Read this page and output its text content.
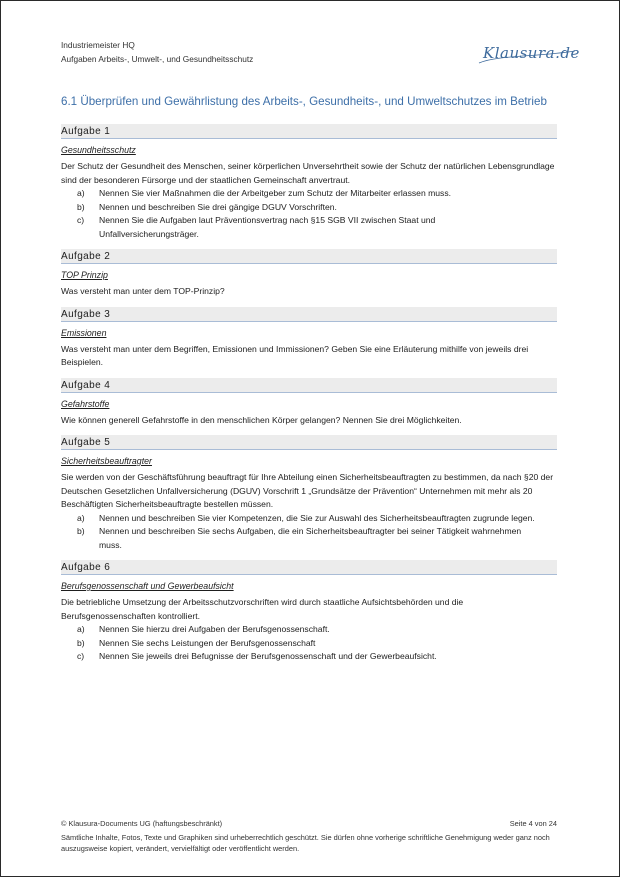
Industriemeister HQ
Aufgaben Arbeits-, Umwelt-, und Gesundheitsschutz	Klausura.de
6.1 Überprüfen und Gewährlistung des Arbeits-, Gesundheits-, und Umweltschutzes im Betrieb
Aufgabe 1
Gesundheitsschutz
Der Schutz der Gesundheit des Menschen, seiner körperlichen Unversehrtheit sowie der Schutz der natürlichen Lebensgrundlage sind der besonderen Fürsorge und der staatlichen Gemeinschaft anvertraut.
a)	Nennen Sie vier Maßnahmen die der Arbeitgeber zum Schutz der Mitarbeiter erlassen muss.
b)	Nennen und beschreiben Sie drei gängige DGUV Vorschriften.
c)	Nennen Sie die Aufgaben laut Präventionsvertrag nach §15 SGB VII zwischen Staat und Unfallversicherungsträger.
Aufgabe 2
TOP Prinzip
Was versteht man unter dem TOP-Prinzip?
Aufgabe 3
Emissionen
Was versteht man unter dem Begriffen, Emissionen und Immissionen? Geben Sie eine Erläuterung mithilfe von jeweils drei Beispielen.
Aufgabe 4
Gefahrstoffe
Wie können generell Gefahrstoffe in den menschlichen Körper gelangen? Nennen Sie drei Möglichkeiten.
Aufgabe 5
Sicherheitsbeauftragter
Sie werden von der Geschäftsführung beauftragt für Ihre Abteilung einen Sicherheitsbeauftragten zu bestimmen, da nach §20 der Deutschen Gesetzlichen Unfallversicherung (DGUV) Vorschrift 1 „Grundsätze der Prävention“ Unternehmen mit mehr als 20 Beschäftigten Sicherheitsbeauftragte bestellen müssen.
a)	Nennen und beschreiben Sie vier Kompetenzen, die Sie zur Auswahl des Sicherheitsbeauftragten zugrunde legen.
b)	Nennen und beschreiben Sie sechs Aufgaben, die ein Sicherheitsbeauftragter bei seiner Tätigkeit wahrnehmen muss.
Aufgabe 6
Berufsgenossenschaft und Gewerbeaufsicht
Die betriebliche Umsetzung der Arbeitsschutzvorschriften wird durch staatliche Aufsichtsbehörden und die Berufsgenossenschaften kontrolliert.
a)	Nennen Sie hierzu drei Aufgaben der Berufsgenossenschaft.
b)	Nennen Sie sechs Leistungen der Berufsgenossenschaft
c)	Nennen Sie jeweils drei Befugnisse der Berufsgenossenschaft und der Gewerbeaufsicht.
© Klausura-Documents UG (haftungsbeschränkt)	Seite 4 von 24
Sämtliche Inhalte, Fotos, Texte und Graphiken sind urheberrechtlich geschützt. Sie dürfen ohne vorherige schriftliche Genehmigung weder ganz noch auszugsweise kopiert, verändert, vervielfältigt oder veröffentlicht werden.
